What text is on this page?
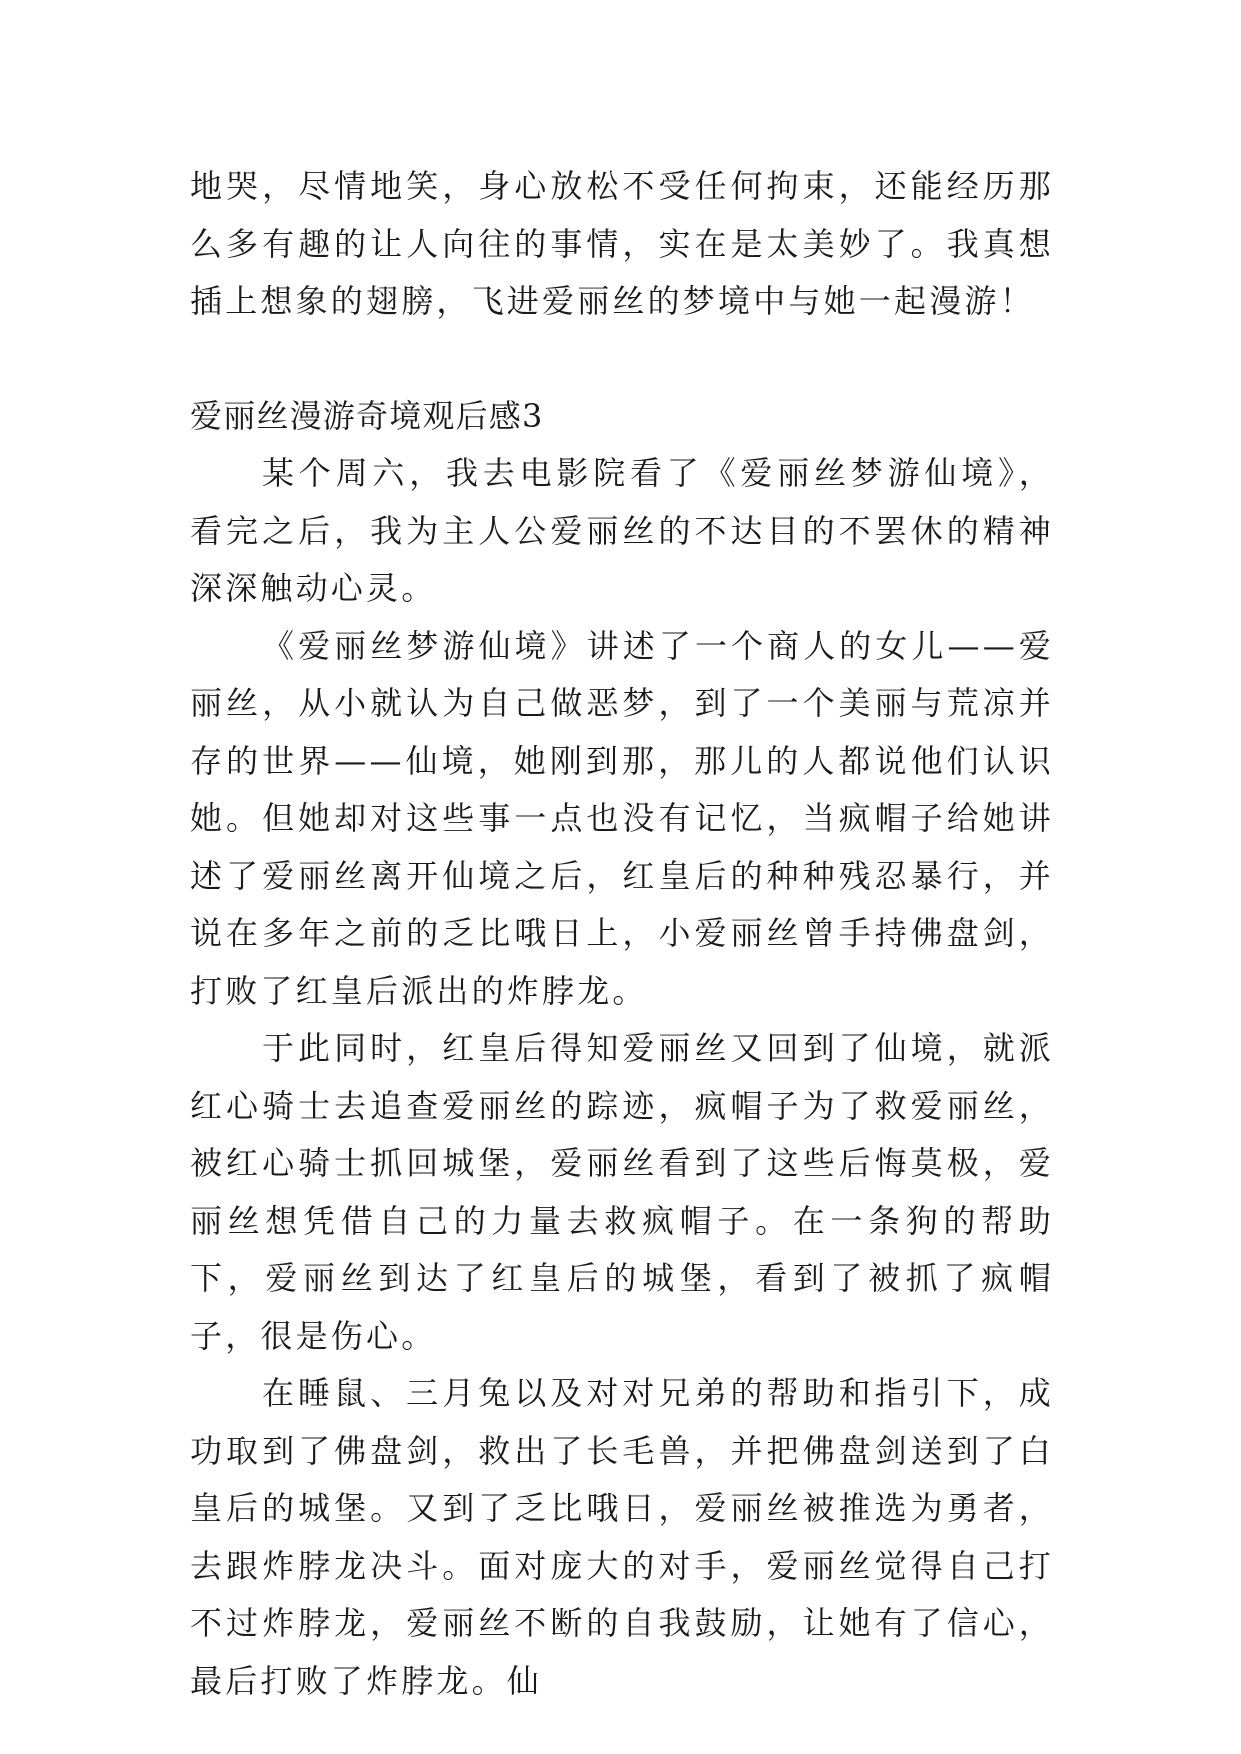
地哭，尽情地笑，身心放松不受任何拘束，还能经历那么多有趣的让人向往的事情，实在是太美妙了。我真想插上想象的翅膀，飞进爱丽丝的梦境中与她一起漫游！

爱丽丝漫游奇境观后感3

某个周六，我去电影院看了《爱丽丝梦游仙境》，看完之后，我为主人公爱丽丝的不达目的不罢休的精神深深触动心灵。

《爱丽丝梦游仙境》讲述了一个商人的女儿——爱丽丝，从小就认为自己做恶梦，到了一个美丽与荒凉并存的世界——仙境，她刚到那，那儿的人都说他们认识她。但她却对这些事一点也没有记忆，当疯帽子给她讲述了爱丽丝离开仙境之后，红皇后的种种残忍暴行，并说在多年之前的乏比哦日上，小爱丽丝曾手持佛盘剑，打败了红皇后派出的炸脖龙。

于此同时，红皇后得知爱丽丝又回到了仙境，就派红心骑士去追查爱丽丝的踪迹，疯帽子为了救爱丽丝，被红心骑士抓回城堡，爱丽丝看到了这些后悔莫极，爱丽丝想凭借自己的力量去救疯帽子。在一条狗的帮助下，爱丽丝到达了红皇后的城堡，看到了被抓了疯帽子，很是伤心。

在睡鼠、三月兔以及对对兄弟的帮助和指引下，成功取到了佛盘剑，救出了长毛兽，并把佛盘剑送到了白皇后的城堡。又到了乏比哦日，爱丽丝被推选为勇者，去跟炸脖龙决斗。面对庞大的对手，爱丽丝觉得自己打不过炸脖龙，爱丽丝不断的自我鼓励，让她有了信心，最后打败了炸脖龙。仙
